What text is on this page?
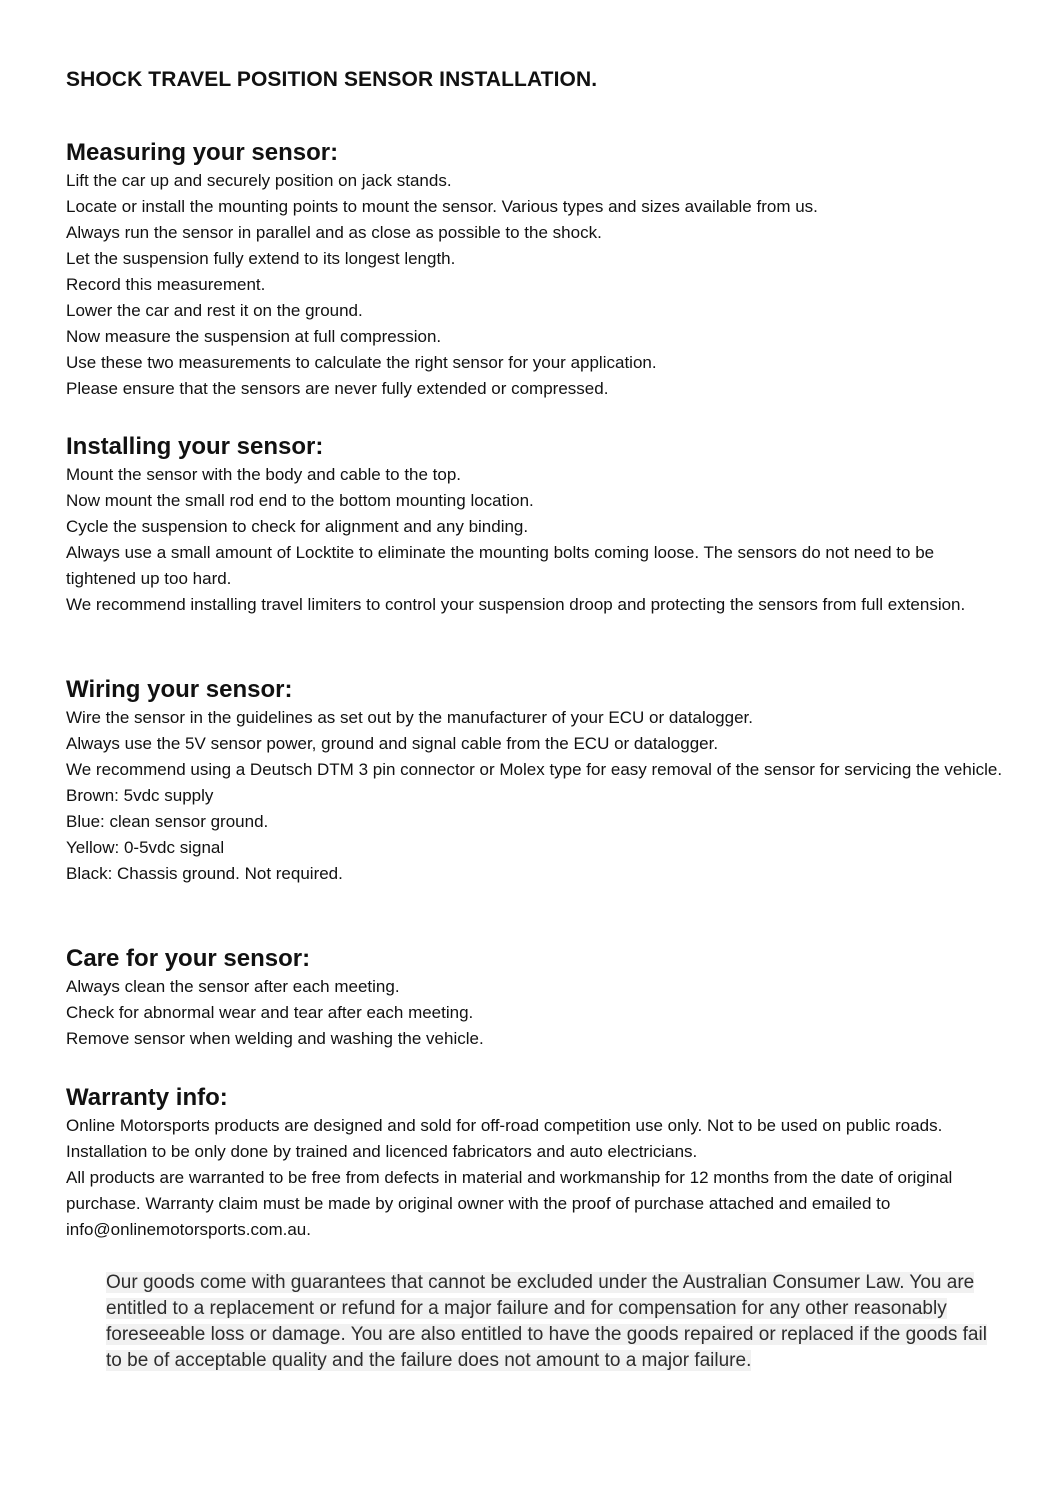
SHOCK TRAVEL POSITION SENSOR INSTALLATION.
Measuring your sensor:
Lift the car up and securely position on jack stands.
Locate or install the mounting points to mount the sensor. Various types and sizes available from us.
Always run the sensor in parallel and as close as possible to the shock.
Let the suspension fully extend to its longest length.
Record this measurement.
Lower the car and rest it on the ground.
Now measure the suspension at full compression.
Use these two measurements to calculate the right sensor for your application.
Please ensure that the sensors are never fully extended or compressed.
Installing your sensor:
Mount the sensor with the body and cable to the top.
Now mount the small rod end to the bottom mounting location.
Cycle the suspension to check for alignment and any binding.
Always use a small amount of Locktite to eliminate the mounting bolts coming loose. The sensors do not need to be tightened up too hard.
We recommend installing travel limiters to control your suspension droop and protecting the sensors from full extension.
Wiring your sensor:
Wire the sensor in the guidelines as set out by the manufacturer of your ECU or datalogger.
Always use the 5V sensor power, ground and signal cable from the ECU or datalogger.
We recommend using a Deutsch DTM 3 pin connector or Molex type for easy removal of the sensor for servicing the vehicle.
Brown: 5vdc supply
Blue: clean sensor ground.
Yellow: 0-5vdc signal
Black: Chassis ground. Not required.
Care for your sensor:
Always clean the sensor after each meeting.
Check for abnormal wear and tear after each meeting.
Remove sensor when welding and washing the vehicle.
Warranty info:
Online Motorsports products are designed and sold for off-road competition use only. Not to be used on public roads.
Installation to be only done by trained and licenced fabricators and auto electricians.
All products are warranted to be free from defects in material and workmanship for 12 months from the date of original purchase. Warranty claim must be made by original owner with the proof of purchase attached and emailed to info@onlinemotorsports.com.au.
Our goods come with guarantees that cannot be excluded under the Australian Consumer Law. You are entitled to a replacement or refund for a major failure and for compensation for any other reasonably foreseeable loss or damage. You are also entitled to have the goods repaired or replaced if the goods fail to be of acceptable quality and the failure does not amount to a major failure.
